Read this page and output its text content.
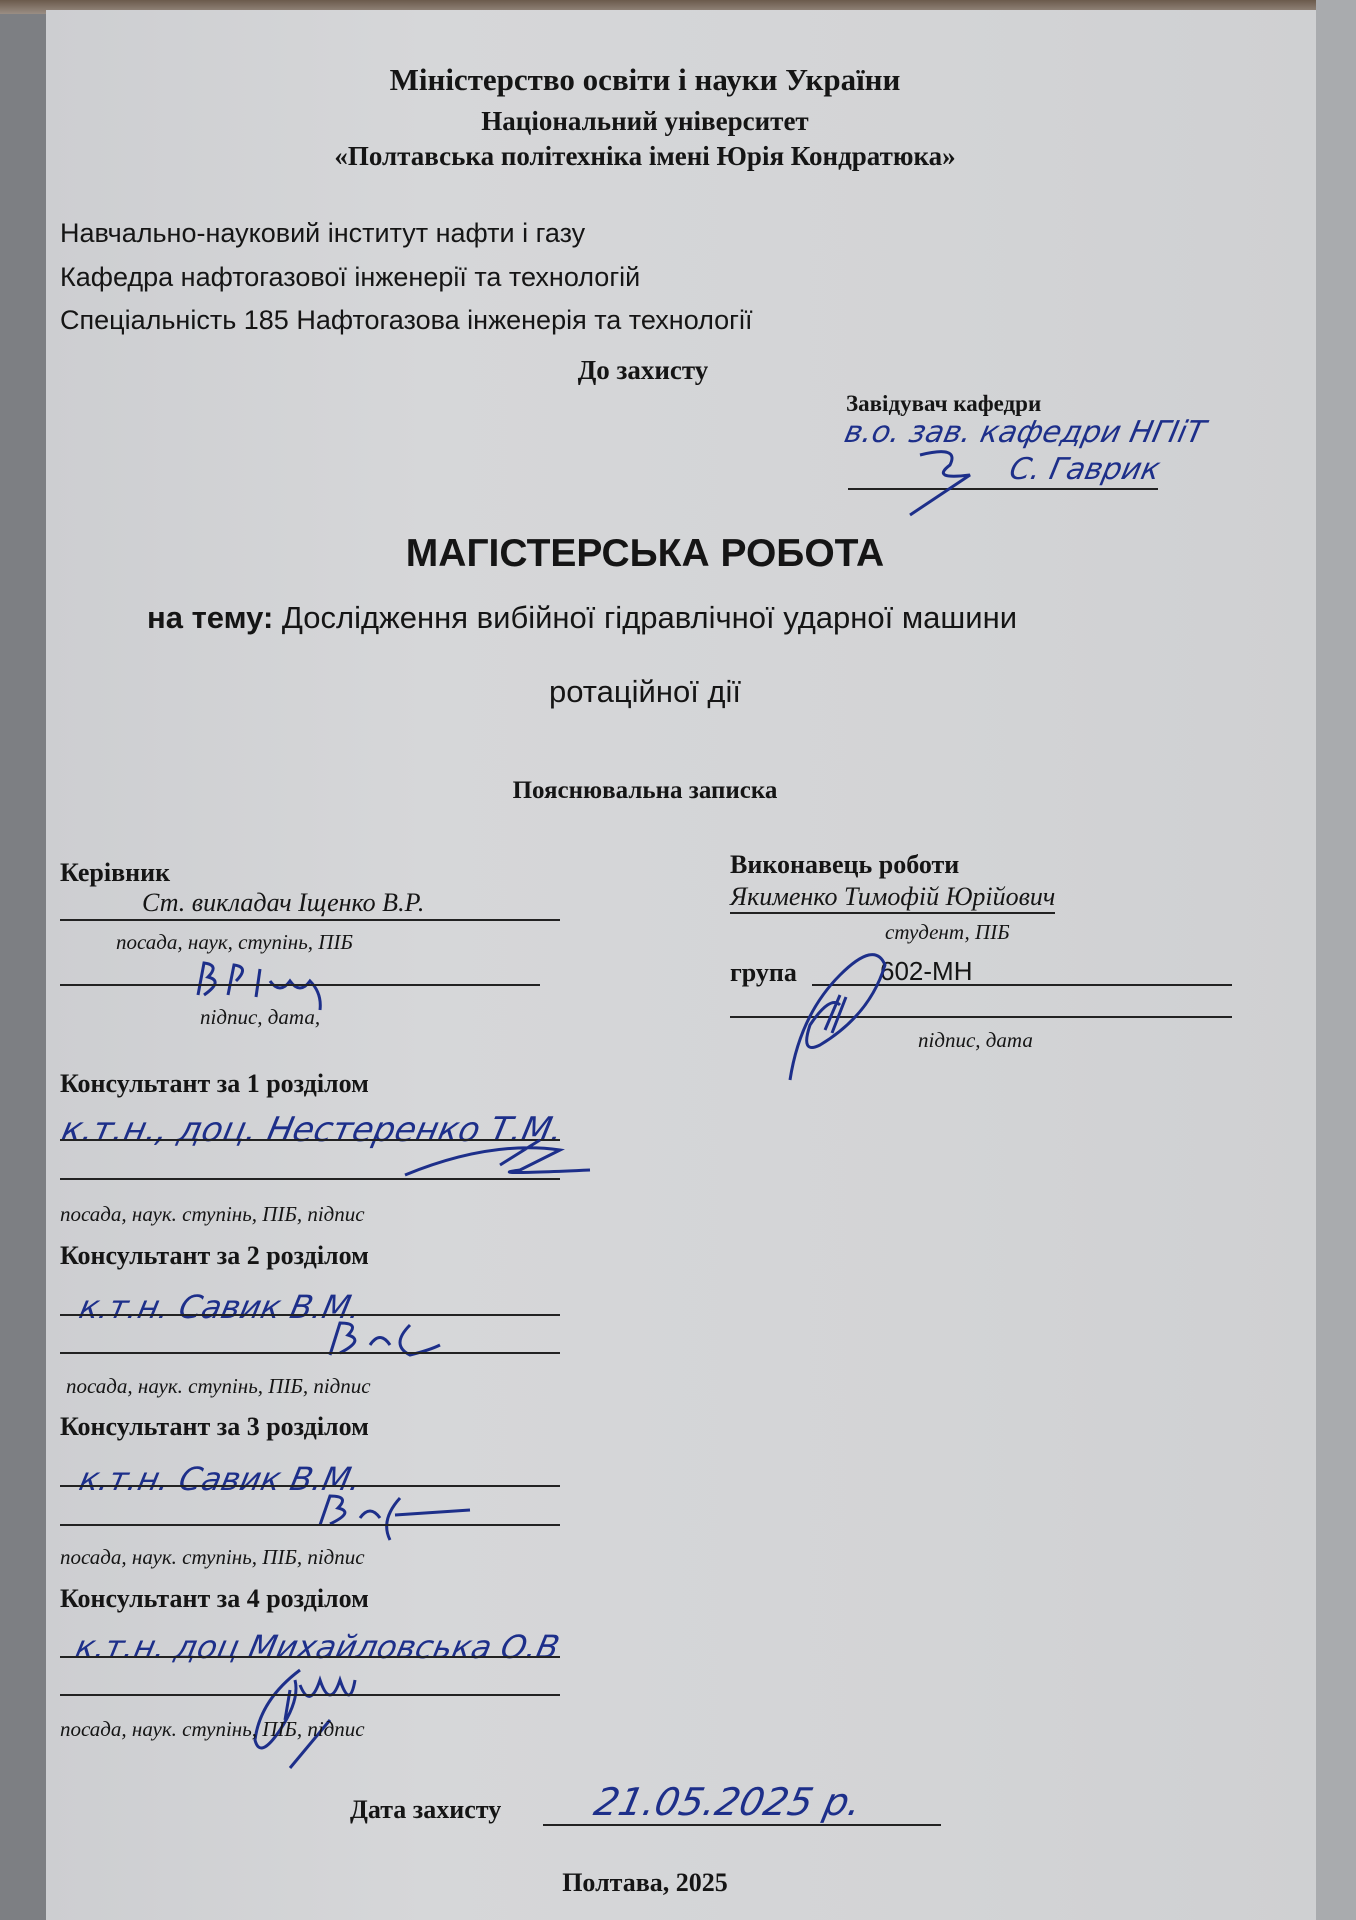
Міністерство освіти і науки України
Національний університет
«Полтавська політехніка імені Юрія Кондратюка»
Навчально-науковий інститут нафти і газу
Кафедра нафтогазової інженерії та технологій
Спеціальність 185 Нафтогазова інженерія та технології
До захисту
Завідувач кафедри
в.о. зав. кафедри НГІіТ
С. Гаврик
МАГІСТЕРСЬКА РОБОТА
на тему: Дослідження вибійної гідравлічної ударної машини
ротаційної дії
Пояснювальна записка
Керівник
Ст. викладач Іщенко В.Р.
посада, наук, ступінь, ПІБ
підпис, дата,
Виконавець роботи
Якименко Тимофій Юрійович
студент, ПІБ
група	602-МН
підпис, дата
Консультант за 1 розділом
к.т.н., доц. Нестеренко Т.М.
посада, наук. ступінь, ПІБ, підпис
Консультант за 2 розділом
к.т.н. Савик В.М.
посада, наук. ступінь, ПІБ, підпис
Консультант за 3 розділом
к.т.н. Савик В.М.
посада, наук. ступінь, ПІБ, підпис
Консультант за 4 розділом
к.т.н. доц Михайловська О.В
посада, наук. ступінь, ПІБ, підпис
Дата захисту 21.05.2025 р.
Полтава, 2025
